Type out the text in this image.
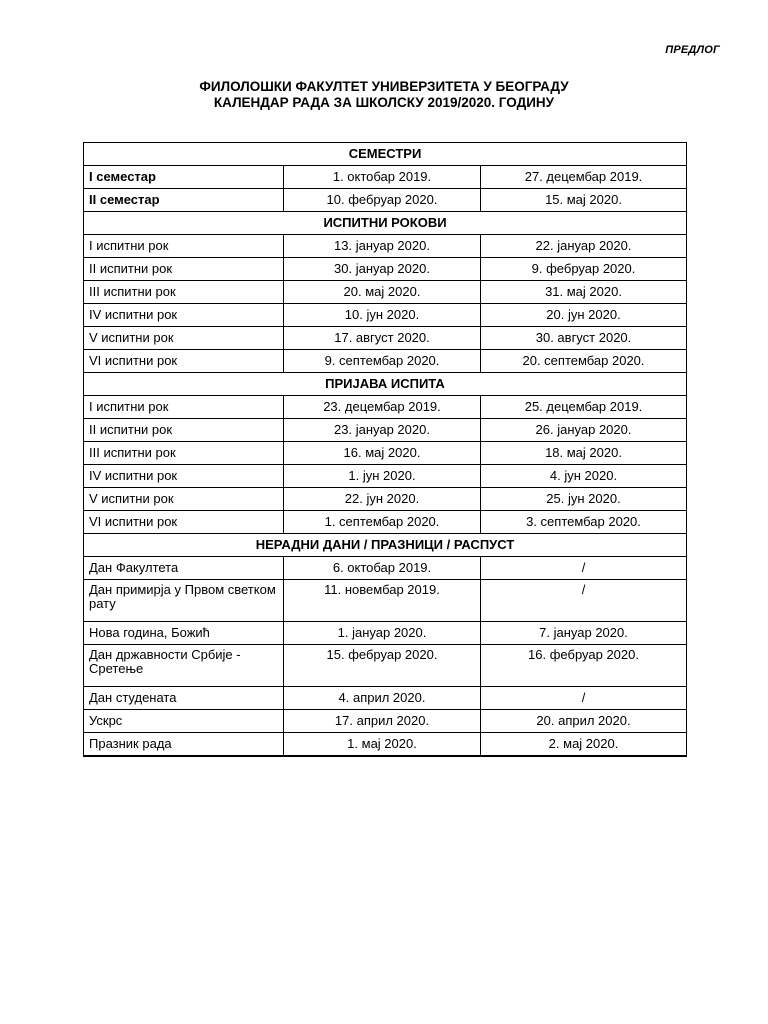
ПРЕДЛОГ
ФИЛОЛОШКИ ФАКУЛТЕТ УНИВЕРЗИТЕТА У БЕОГРАДУ
КАЛЕНДАР РАДА ЗА ШКОЛСКУ 2019/2020. ГОДИНУ
СЕМЕСТРИ		
I семестар	1. октобар 2019.	27. децембар 2019.
II семестар	10. фебруар 2020.	15. мај 2020.
ИСПИТНИ РОКОВИ		
I испитни рок	13. јануар 2020.	22. јануар 2020.
II испитни рок	30. јануар 2020.	9. фебруар 2020.
III испитни рок	20. мај 2020.	31. мај 2020.
IV испитни рок	10. јун 2020.	20. јун 2020.
V испитни рок	17. август 2020.	30. август 2020.
VI испитни рок	9. септембар 2020.	20. септембар 2020.
ПРИЈАВА ИСПИТА		
I испитни рок	23. децембар 2019.	25. децембар 2019.
II испитни рок	23. јануар 2020.	26. јануар 2020.
III испитни рок	16. мај 2020.	18. мај 2020.
IV испитни рок	1. јун 2020.	4. јун 2020.
V испитни рок	22. јун 2020.	25. јун 2020.
VI испитни рок	1. септембар 2020.	3. септембар 2020.
НЕРАДНИ ДАНИ / ПРАЗНИЦИ / РАСПУСТ		
Дан Факултета	6. октобар 2019.	/
Дан примирја у Првом светком рату	11. новембар 2019.	/
Нова година, Божић	1. јануар 2020.	7. јануар 2020.
Дан државности Србије - Сретење	15. фебруар 2020.	16. фебруар 2020.
Дан студената	4. април 2020.	/
Ускрс	17. април 2020.	20. април 2020.
Празник рада	1. мај 2020.	2. мај 2020.
